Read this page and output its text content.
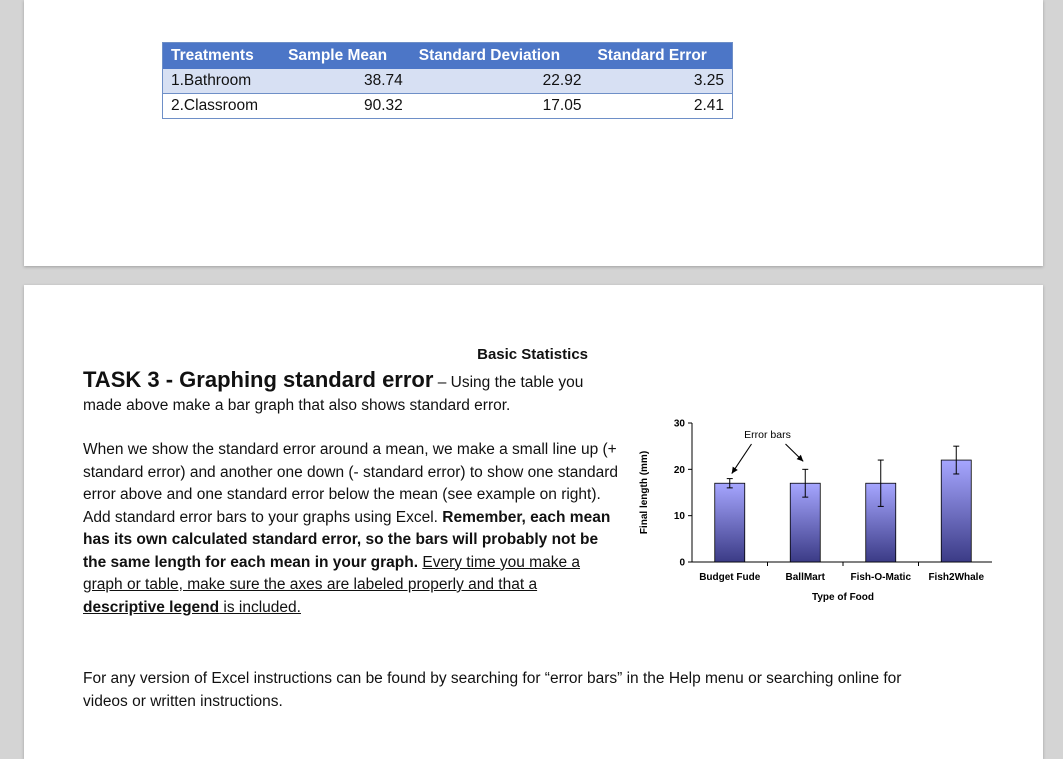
Treatments	Sample Mean	Standard Deviation	Standard Error
1.Bathroom	38.74	22.92	3.25
2.Classroom	90.32	17.05	2.41
Basic Statistics

TASK 3 - Graphing standard error – Using the table you made above make a bar graph that also shows standard error.

When we show the standard error around a mean, we make a small line up (+ standard error) and another one down (- standard error) to show one standard error above and one standard error below the mean (see example on right). Add standard error bars to your graphs using Excel. Remember, each mean has its own calculated standard error, so the bars will probably not be the same length for each mean in your graph. Every time you make a graph or table, make sure the axes are labeled properly and that a descriptive legend is included.

0
10
20
30
Final length (mm)
Budget Fude	BallMart	Fish-O-Matic Fish2Whale
Type of Food
Error bars
For any version of Excel instructions can be found by searching for “error bars” in the Help menu or searching online for videos or written instructions.
